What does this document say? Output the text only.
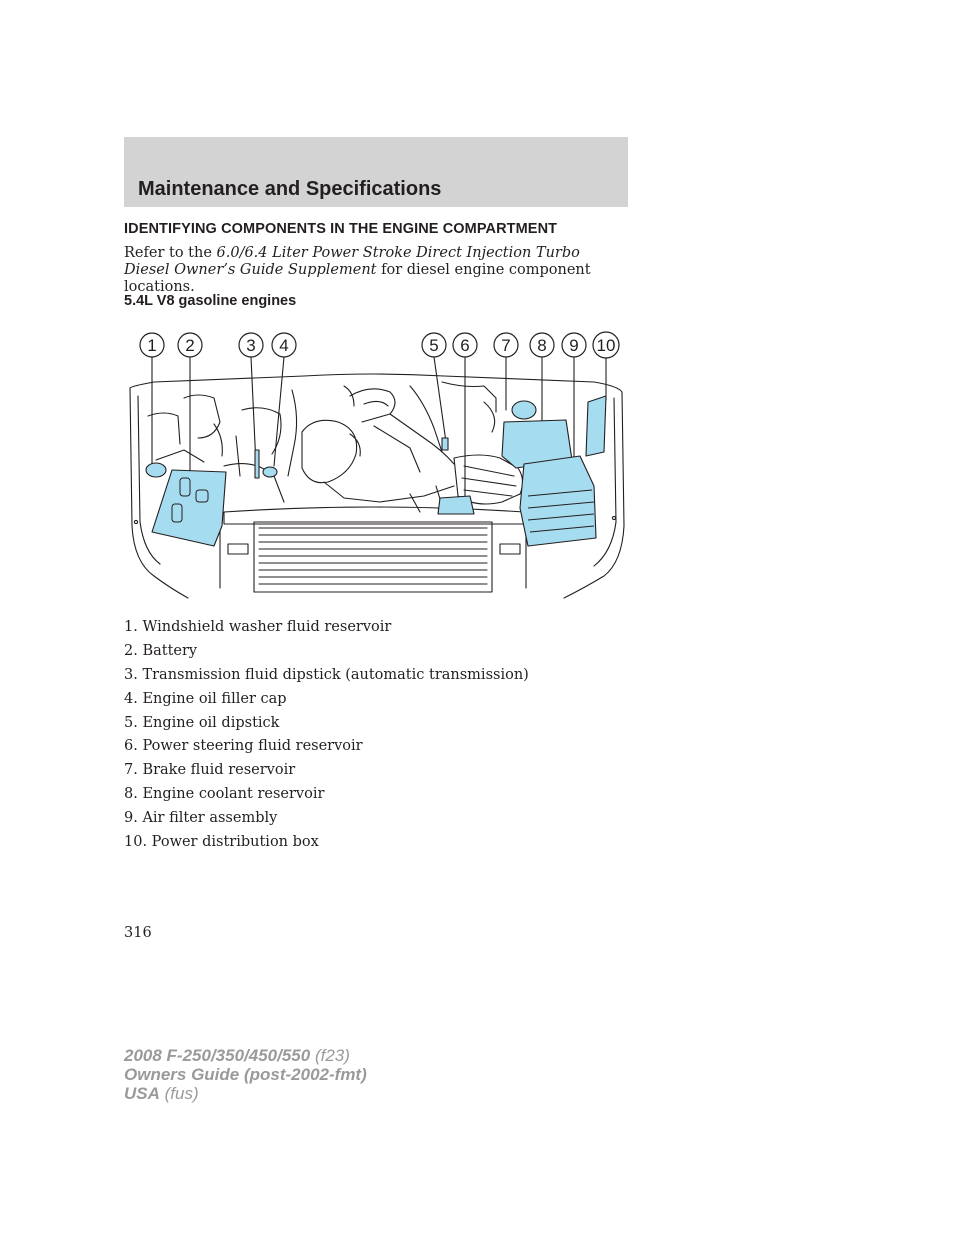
Maintenance and Specifications
IDENTIFYING COMPONENTS IN THE ENGINE COMPARTMENT

Refer to the 6.0/6.4 Liter Power Stroke Direct Injection Turbo Diesel Owner’s Guide Supplement for diesel engine component locations.

5.4L V8 gasoline engines
1 2	3 4	5 6 7 8 9 10
1. Windshield washer fluid reservoir
2. Battery
3. Transmission fluid dipstick (automatic transmission)
4. Engine oil filler cap
5. Engine oil dipstick
6. Power steering fluid reservoir
7. Brake fluid reservoir
8. Engine coolant reservoir
9. Air filter assembly
10. Power distribution box
316
2008 F-250/350/450/550 (f23)
Owners Guide (post-2002-fmt)
USA (fus)
